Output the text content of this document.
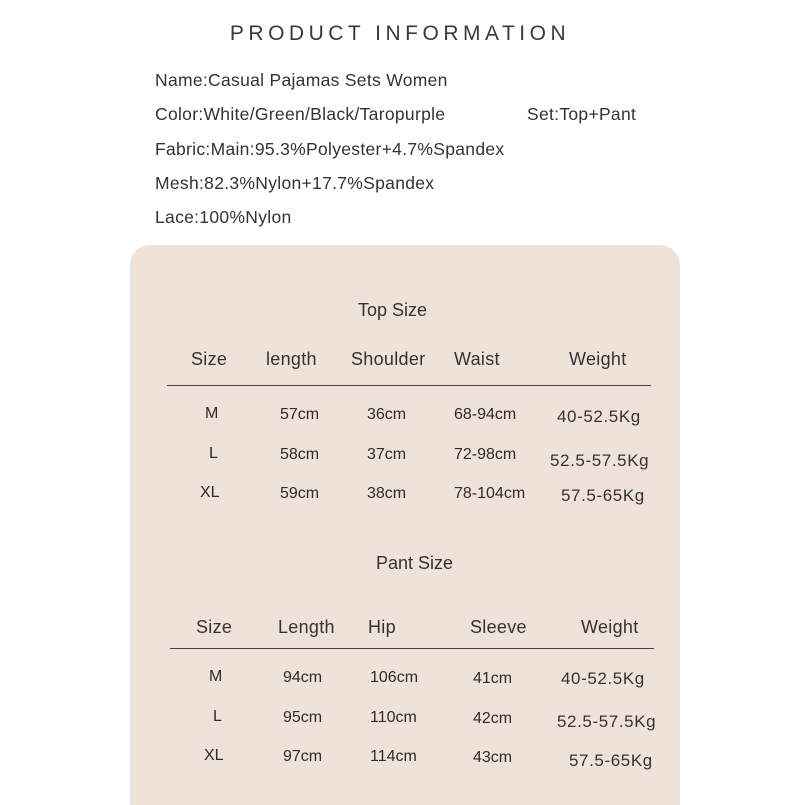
PRODUCT INFORMATION
Name:Casual Pajamas Sets Women
Color:White/Green/Black/Taropurple	Set:Top+Pant
Fabric:Main:95.3%Polyester+4.7%Spandex
Mesh:82.3%Nylon+17.7%Spandex
Lace:100%Nylon
Top Size
Size length Shoulder Waist	Weight
M	57cm	36cm	68-94cm 40-52.5Kg
L	58cm	37cm	72-98cm 52.5-57.5Kg
XL	59cm	38cm	78-104cm 57.5-65Kg
Pant Size
Size	Length Hip	Sleeve	Weight
M	94cm	106cm	41cm	40-52.5Kg
L	95cm	110cm	42cm	52.5-57.5Kg
XL	97cm	114cm	43cm	57.5-65Kg
